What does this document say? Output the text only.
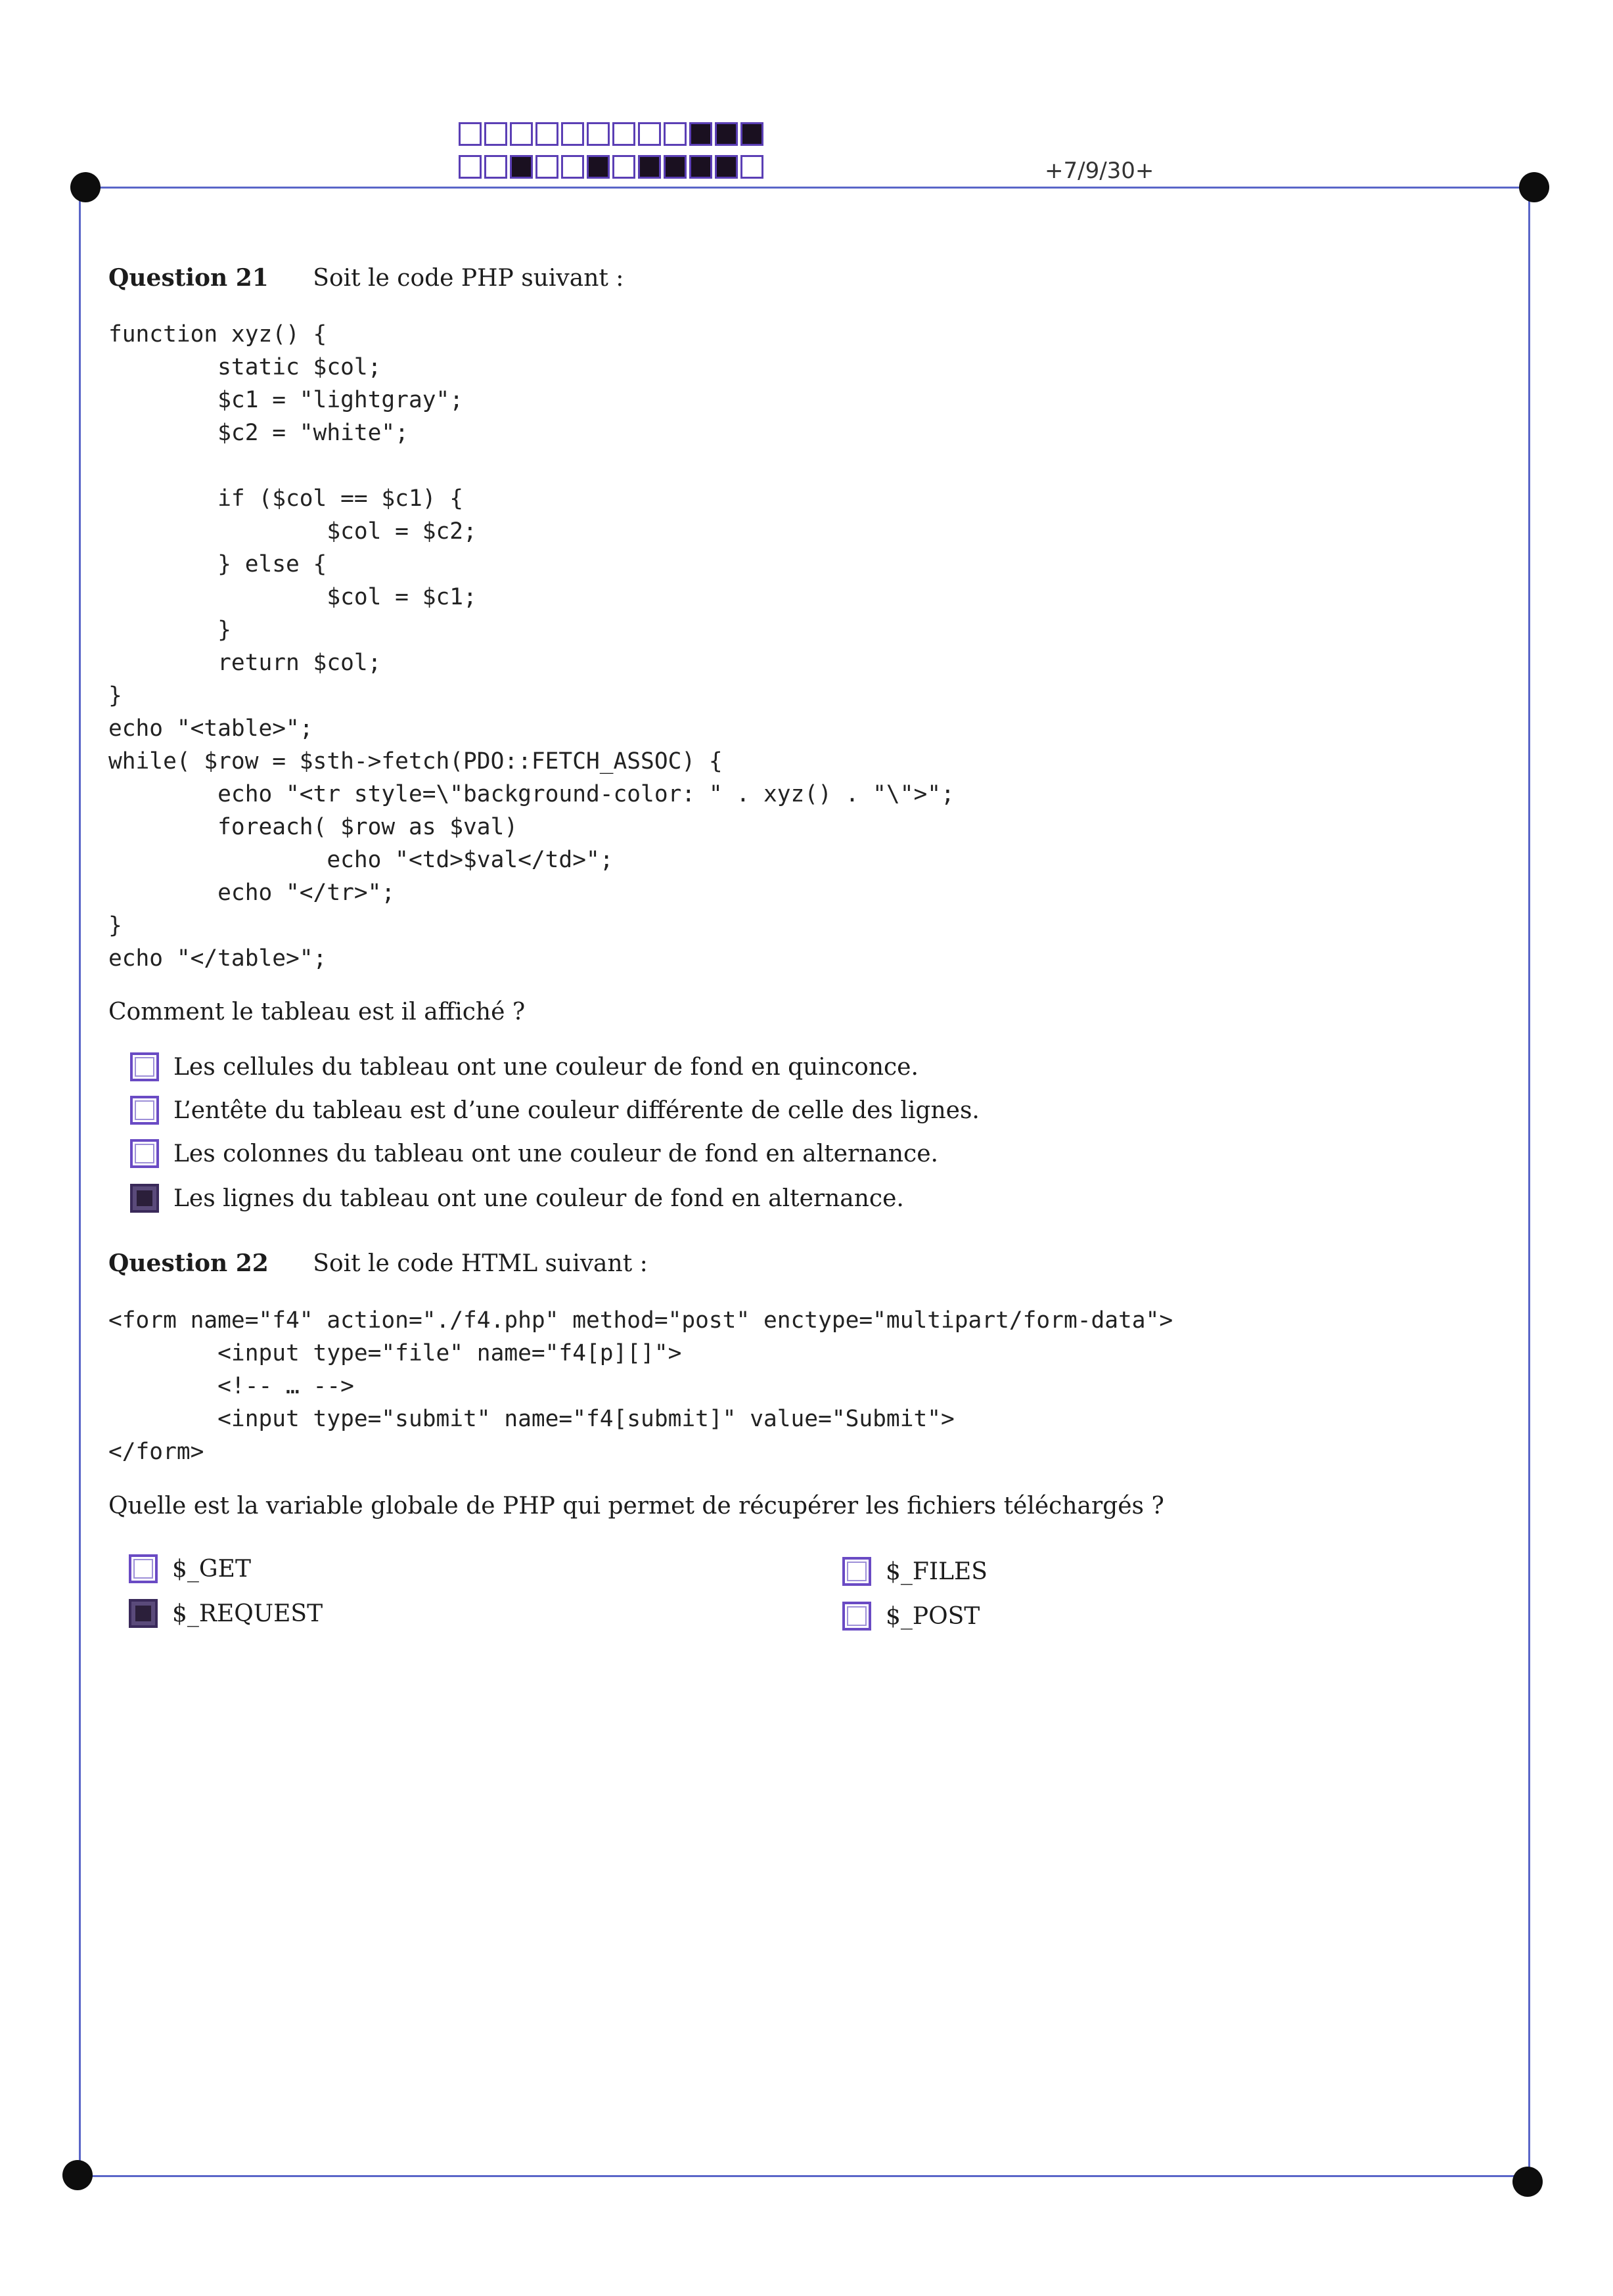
+7/9/30+
Question 21 Soit le code PHP suivant :
function xyz() {
static $col;
$c1 = "lightgray";
$c2 = "white";

if ($col == $c1) {
$col = $c2;
} else {
$col = $c1;
}
return $col;
}
echo "<table>";
while( $row = $sth->fetch(PDO::FETCH_ASSOC) {
echo "<tr style=\"background-color: " . xyz() . "\">";
foreach( $row as $val)
echo "<td>$val</td>";
echo "</tr>";
}
echo "</table>";
Comment le tableau est il affiché ?
Les cellules du tableau ont une couleur de fond en quinconce.
L’entête du tableau est d’une couleur différente de celle des lignes.
Les colonnes du tableau ont une couleur de fond en alternance.
Les lignes du tableau ont une couleur de fond en alternance.
Question 22 Soit le code HTML suivant :
<form name="f4" action="./f4.php" method="post" enctype="multipart/form-data">
<input type="file" name="f4[p][]">
<!-- … -->
<input type="submit" name="f4[submit]" value="Submit">
</form>
Quelle est la variable globale de PHP qui permet de récupérer les fichiers téléchargés ?
$_GET
$_REQUEST
$_FILES
$_POST
